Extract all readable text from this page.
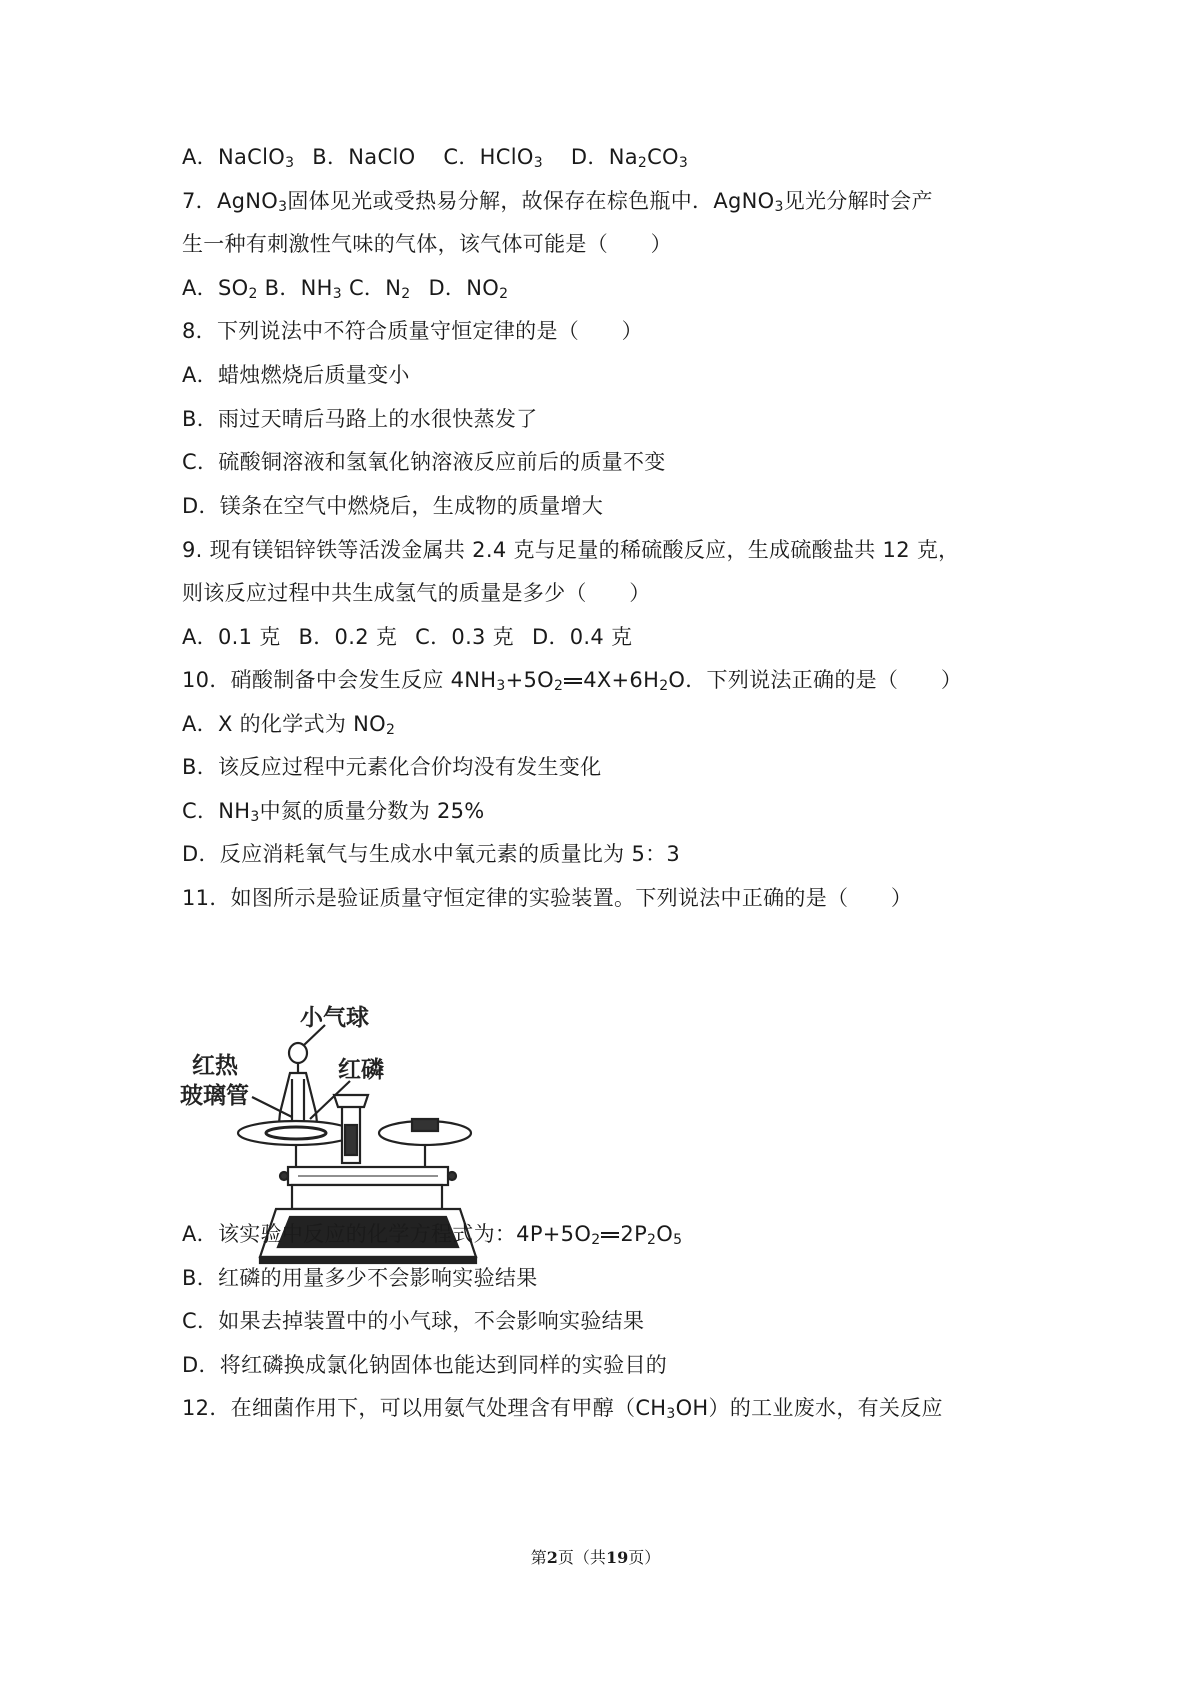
A．NaClO$_3$ B．NaClO C．HClO$_3$ D．$Na_2CO_3$
7．AgNO$_3$固体见光或受热易分解，故保存在棕色瓶中．AgNO$_3$见光分解时会产
生一种有刺激性气味的气体，该气体可能是（　　）
A．$SO_2$ B．$NH_3$ C．$N_2$ D．$NO_2$
8．下列说法中不符合质量守恒定律的是（　　）
A．蜡烛燃烧后质量变小
B．雨过天晴后马路上的水很快蒸发了
C．硫酸铜溶液和氢氧化钠溶液反应前后的质量不变
D．镁条在空气中燃烧后，生成物的质量增大
9. 现有镁铝锌铁等活泼金属共 2.4 克与足量的稀硫酸反应，生成硫酸盐共 12 克，
则该反应过程中共生成氢气的质量是多少（　　）
A．0.1 克 B．0.2 克 C．0.3 克 D．0.4 克
10．硝酸制备中会发生反应 $4NH_3+5O_2$ $4X+6H_2O$．下列说法正确的是（　　）
A．X 的化学式为 $NO_2$
B．该反应过程中元素化合价均没有发生变化
C．$NH_3$中氮的质量分数为 25%
D．反应消耗氧气与生成水中氧元素的质量比为 5：3
11．如图所示是验证质量守恒定律的实验装置。下列说法中正确的是（　　）
小气球
红热
玻璃管
红磷
A．该实验中反应的化学方程式为：$4P+5O_2$ $2P_2O_5$
B．红磷的用量多少不会影响实验结果
C．如果去掉装置中的小气球，不会影响实验结果
D．将红磷换成氯化钠固体也能达到同样的实验目的
12．在细菌作用下，可以用氨气处理含有甲醇$(CH_3OH)$的工业废水，有关反应
第2页（共19页）
